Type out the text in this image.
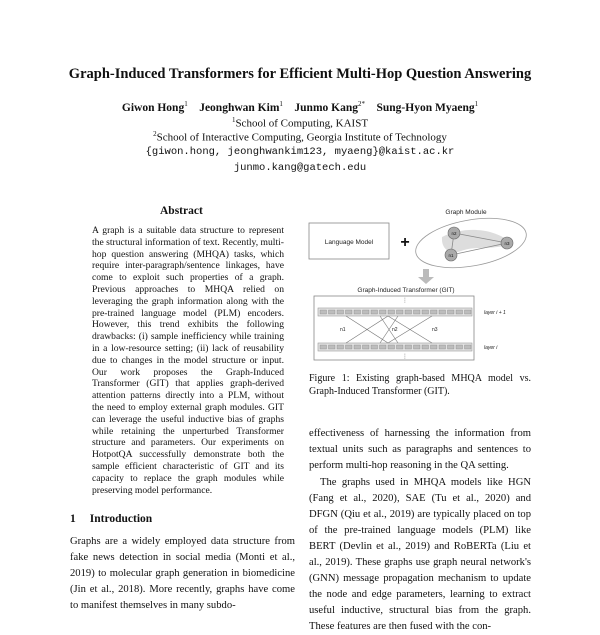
Graph-Induced Transformers for Efficient Multi-Hop Question Answering
Giwon Hong$^1$ Jeonghwan Kim$^1$ Junmo Kang$^{2*}$ Sung-Hyon Myaeng$^1$
$^1$School of Computing, KAIST
$^2$School of Interactive Computing, Georgia Institute of Technology
{giwon.hong, jeonghwankim123, myaeng}@kaist.ac.kr
junmo.kang@gatech.edu
Abstract
A graph is a suitable data structure to represent the structural information of text. Recently, multi-hop question answering (MHQA) tasks, which require inter-paragraph/sentence linkages, have come to exploit such properties of a graph. Previous approaches to MHQA relied on leveraging the graph information along with the pre-trained language model (PLM) encoders. However, this trend exhibits the following drawbacks: (i) sample inefficiency while training in a low-resource setting; (ii) lack of reusability due to changes in the model structure or input. Our work proposes the Graph-Induced Transformer (GIT) that applies graph-derived attention patterns directly into a PLM, without the need to employ external graph modules. GIT can leverage the useful inductive bias of graphs while retaining the unperturbed Transformer structure and parameters. Our experiments on HotpotQA successfully demonstrate both the sample efficient characteristic of GIT and its capacity to replace the graph modules while preserving model performance.
1 Introduction
Graphs are a widely employed data structure from fake news detection in social media (Monti et al., 2019) to molecular graph generation in biomedicine (Jin et al., 2018). More recently, graphs have come to manifest themselves in many subdo-
Language Model +
Graph Module
n2
n1
n3
Graph-Induced Transformer (GIT)
⋮
⋮
n1	n2	n3
layer i + 1
layer i
Figure 1: Existing graph-based MHQA model vs. Graph-Induced Transformer (GIT).
effectiveness of harnessing the information from textual units such as paragraphs and sentences to perform multi-hop reasoning in the QA setting.
The graphs used in MHQA models like HGN (Fang et al., 2020), SAE (Tu et al., 2020) and DFGN (Qiu et al., 2019) are typically placed on top of the pre-trained language models (PLM) like BERT (Devlin et al., 2019) and RoBERTa (Liu et al., 2019). These graphs use graph neural network's (GNN) message propagation mechanism to update the node and edge parameters, learning to extract useful inductive, structural bias from the graph. These features are then fused with the con-
